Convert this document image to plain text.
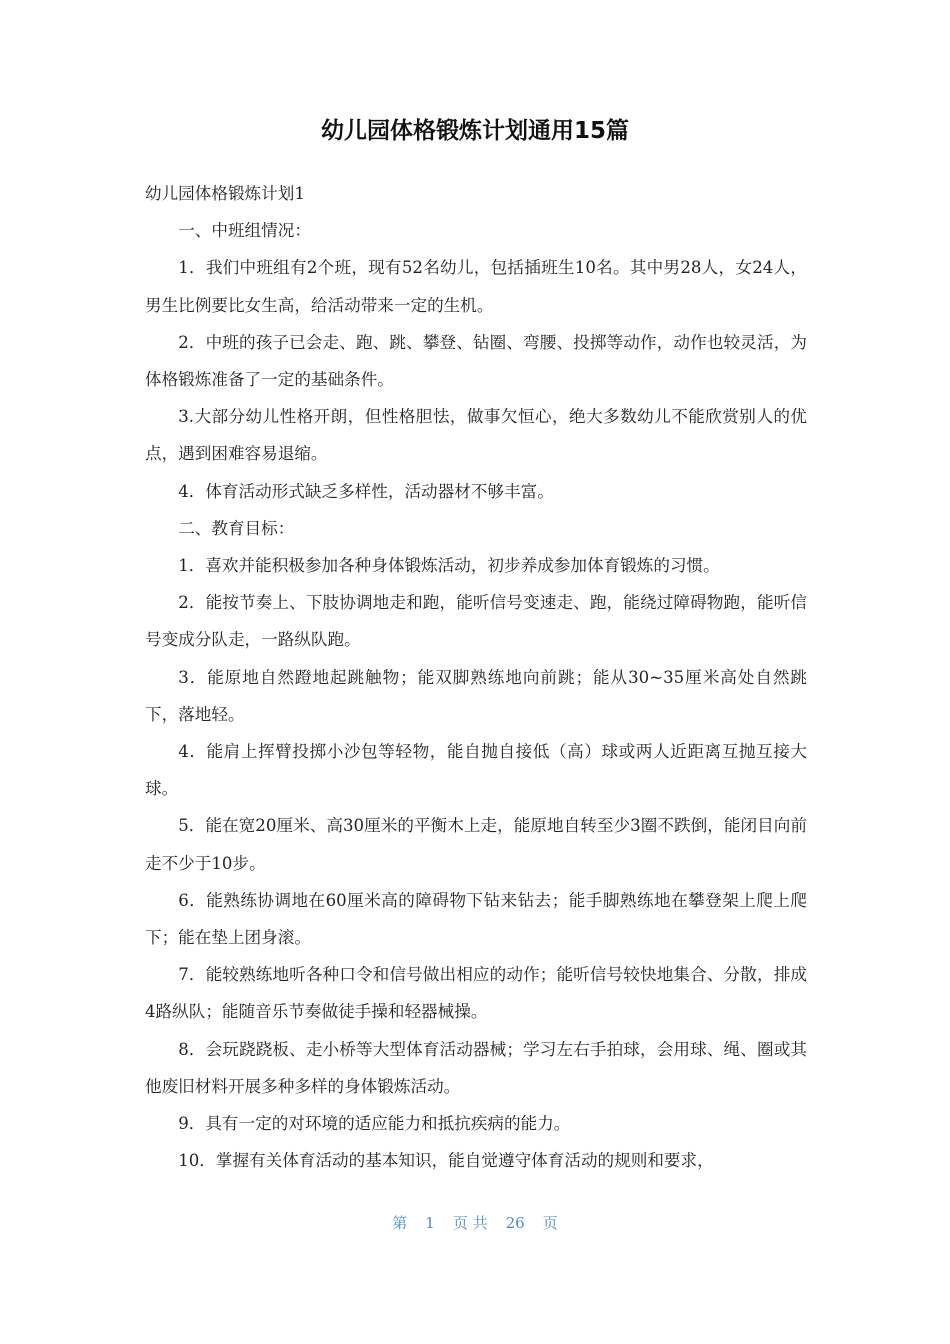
幼儿园体格锻炼计划通用15篇

幼儿园体格锻炼计划1

一、中班组情况：

1．我们中班组有2个班，现有52名幼儿，包括插班生10名。其中男28人，女24人，男生比例要比女生高，给活动带来一定的生机。

2．中班的孩子已会走、跑、跳、攀登、钻圈、弯腰、投掷等动作，动作也较灵活，为体格锻炼准备了一定的基础条件。

3.大部分幼儿性格开朗，但性格胆怯，做事欠恒心，绝大多数幼儿不能欣赏别人的优点，遇到困难容易退缩。

4．体育活动形式缺乏多样性，活动器材不够丰富。

二、教育目标：

1．喜欢并能积极参加各种身体锻炼活动，初步养成参加体育锻炼的习惯。

2．能按节奏上、下肢协调地走和跑，能听信号变速走、跑，能绕过障碍物跑，能听信号变成分队走，一路纵队跑。

3．能原地自然蹬地起跳触物；能双脚熟练地向前跳；能从30~35厘米高处自然跳下，落地轻。

4．能肩上挥臂投掷小沙包等轻物，能自抛自接低（高）球或两人近距离互抛互接大球。

5．能在宽20厘米、高30厘米的平衡木上走，能原地自转至少3圈不跌倒，能闭目向前走不少于10步。

6．能熟练协调地在60厘米高的障碍物下钻来钻去；能手脚熟练地在攀登架上爬上爬下；能在垫上团身滚。

7．能较熟练地听各种口令和信号做出相应的动作；能听信号较快地集合、分散，排成4路纵队；能随音乐节奏做徒手操和轻器械操。

8．会玩跷跷板、走小桥等大型体育活动器械；学习左右手拍球，会用球、绳、圈或其他废旧材料开展多种多样的身体锻炼活动。

9．具有一定的对环境的适应能力和抵抗疾病的能力。

10．掌握有关体育活动的基本知识，能自觉遵守体育活动的规则和要求，

第 1 页 共 26 页
